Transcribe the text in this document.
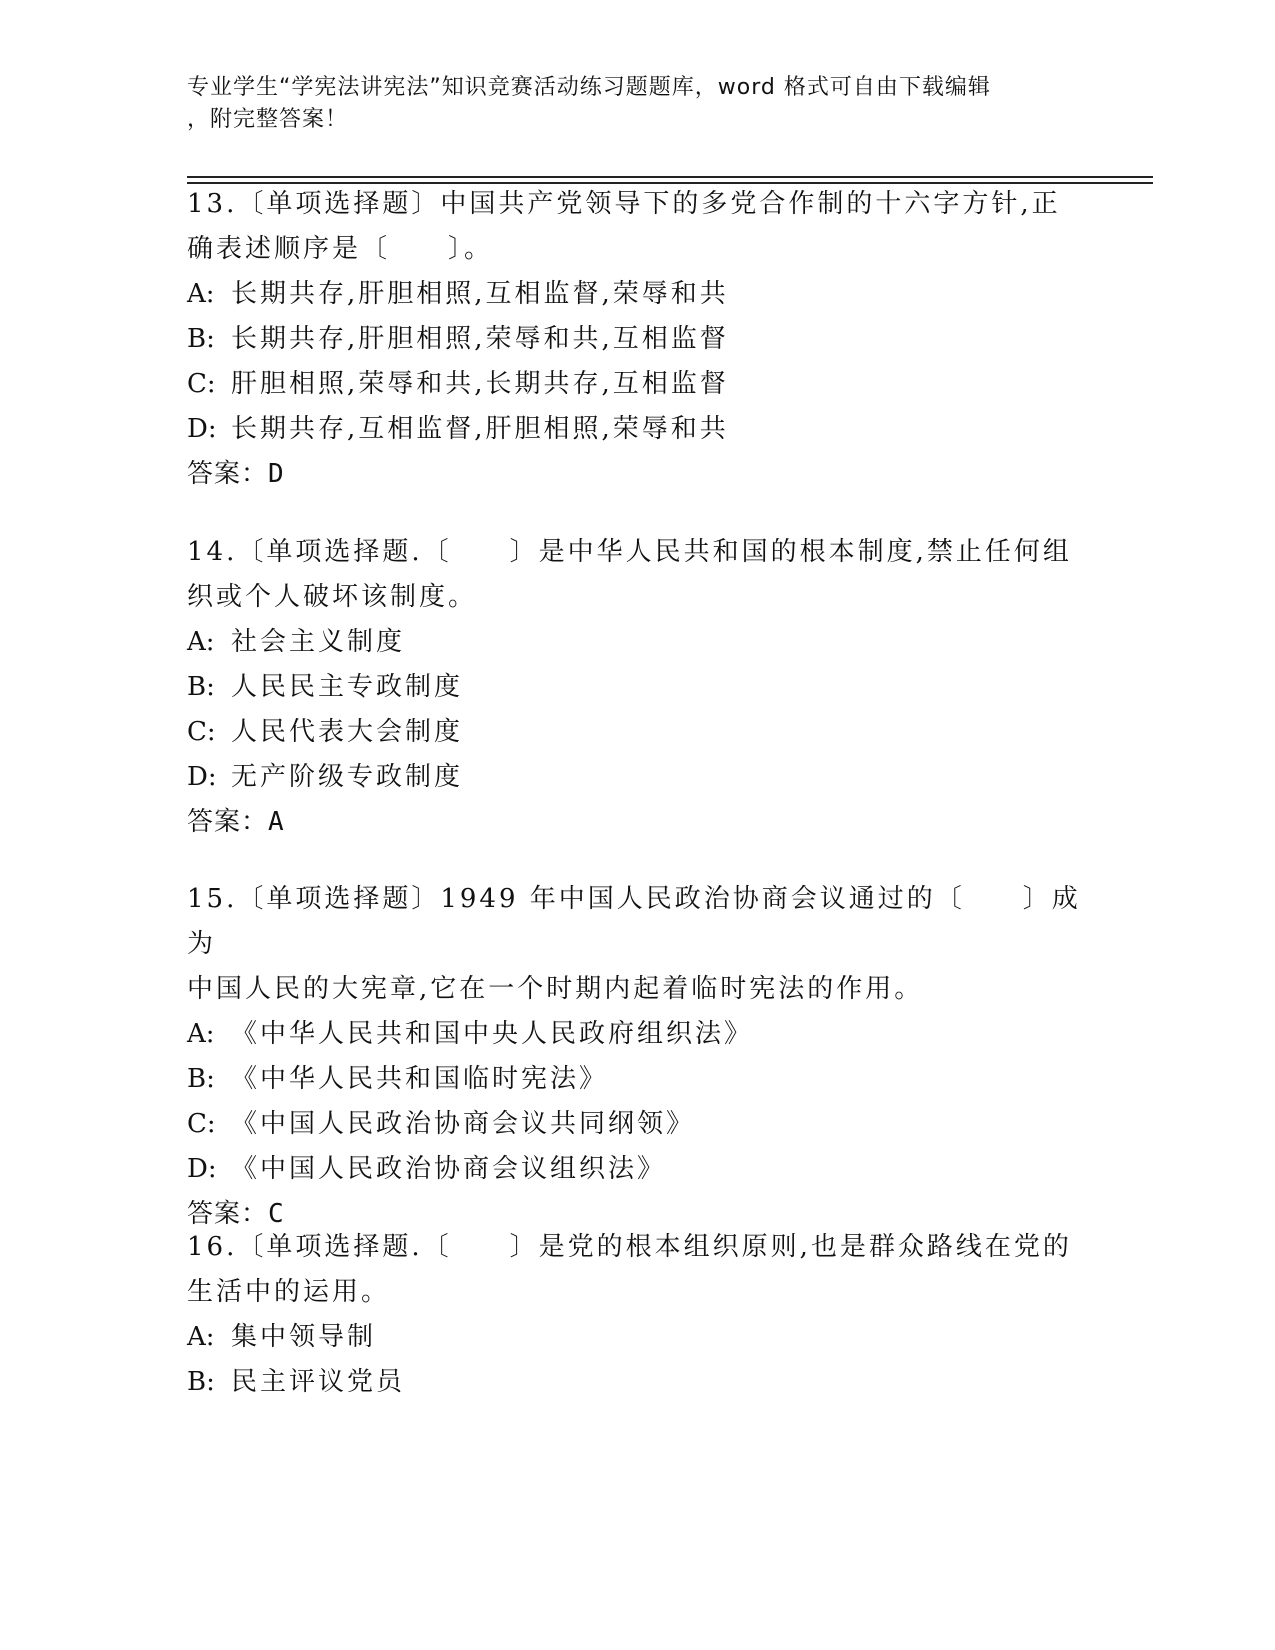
专业学生“学宪法讲宪法”知识竞赛活动练习题题库，word 格式可自由下载编辑
，附完整答案！
13.〔单项选择题〕中国共产党领导下的多党合作制的十六字方针,正
确表述顺序是〔　　〕。
A: 长期共存,肝胆相照,互相监督,荣辱和共
B: 长期共存,肝胆相照,荣辱和共,互相监督
C: 肝胆相照,荣辱和共,长期共存,互相监督
D: 长期共存,互相监督,肝胆相照,荣辱和共
答案：D
14.〔单项选择题.〔　　〕是中华人民共和国的根本制度,禁止任何组
织或个人破坏该制度。
A: 社会主义制度
B: 人民民主专政制度
C: 人民代表大会制度
D: 无产阶级专政制度
答案：A
15.〔单项选择题〕1949 年中国人民政治协商会议通过的〔　　〕成为
中国人民的大宪章,它在一个时期内起着临时宪法的作用。
A: 《中华人民共和国中央人民政府组织法》
B: 《中华人民共和国临时宪法》
C: 《中国人民政治协商会议共同纲领》
D: 《中国人民政治协商会议组织法》
答案：C
16.〔单项选择题.〔　　〕是党的根本组织原则,也是群众路线在党的
生活中的运用。
A: 集中领导制
B: 民主评议党员
